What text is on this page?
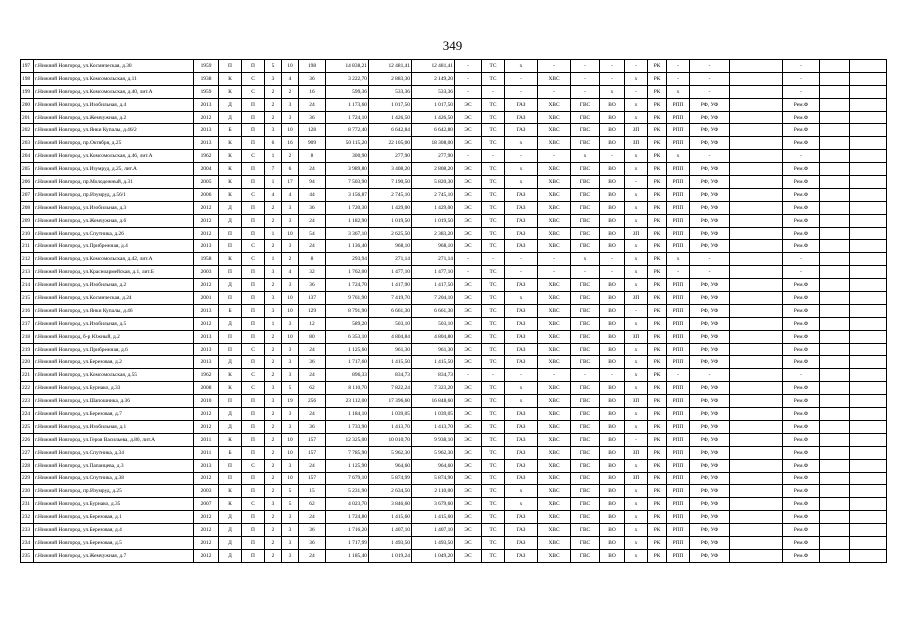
349
197	г.Нижний Новгород, ул.Космическая, д.30	1959	П	П	5	10	198	14 838,21	12 481,41	12 481,41	-	ТС	х	-	-	-	-	РК	-	-		-		
198	г.Нижний Новгород, ул.Комсомольская, д.11	1938	К	С	3	4	36	3 222,70	2 883,30	2 149,20	-	ТС	-	ХВС	-	-	х	РК	-	-		-		
199	г.Нижний Новгород, ул.Комсомольская, д.40, лит.А	1959	К	С	2	2	16	599,36	533,36	533,36	-	-	-	-	-	х	-	РК	х	-		-		
200	г.Нижний Новгород, ул.Изобильная, д.4	2013	Д	П	2	3	24	1 173,60	1 017,50	1 017,50	ЭС	ТС	ГАЗ	ХВС	ГВС	ВО	х	РК	РПП	РФ, УФ		Рем.Ф		
201	г.Нижний Новгород, ул.Жемчужная, д.2	2012	Д	П	2	3	36	1 724,10	1 426,50	1 426,50	ЭС	ТС	ГАЗ	ХВС	ГВС	ВО	х	РК	РПП	РФ, УФ		Рем.Ф		
202	г.Нижний Новгород, ул.Янки Купалы, д.46/2	2013	Б	П	3	10	128	8 772,40	6 642,84	6 642,80	ЭС	ТС	ГАЗ	ХВС	ГВС	ВО	ЗП	РК	РПП	РФ, УФ		Рем.Ф		
203	г.Нижний Новгород, пр.Октября, д.25	2013	К	П	6	16	909	50 115,20	22 105,00	18 308,00	ЭС	ТС	х	ХВС	ГВС	ВО	ЗП	РК	РПП	РФ, УФ		Рем.Ф		
204	г.Нижний Новгород, ул.Комсомольская, д.46, лит.А	1962	К	С	1	2	8	300,90	277,90	277,90	-	-	-	-	х	-	х	РК	х	-		-		
205	г.Нижний Новгород, ул.Изумруд, д.25, лит.А	2004	К	П	7	6	24	3 989,80	3 408,20	2 808,20	ЭС	ТС	х	ХВС	ГВС	ВО	х	РК	РПП	РФ, УФ		Рем.Ф		
206	г.Нижний Новгород, пр.Молодежный, д.31	2005	К	П	1	17	94	7 503,90	7 190,50	5 820,30	ЭС	ТС	х	ХВС	ГВС	ВО	-	РК	РПП	РФ, УФ		Рем.Ф		
207	г.Нижний Новгород, пр.Изумруд, д.56/1	2006	К	С	4	4	44	3 156,87	2 745,10	2 745,10	ЭС	ТС	ГАЗ	ХВС	ГВС	ВО	х	РК	РПП	РФ, УФ		Рем.Ф		
208	г.Нижний Новгород, ул.Изобильная, д.3	2012	Д	П	2	3	36	1 720,30	1 429,00	1 429,00	ЭС	ТС	ГАЗ	ХВС	ГВС	ВО	х	РК	РПП	РФ, УФ		Рем.Ф		
209	г.Нижний Новгород, ул.Жемчужная, д.6	2012	Д	П	2	3	24	1 182,90	1 019,50	1 019,50	ЭС	ТС	ГАЗ	ХВС	ГВС	ВО	х	РК	РПП	РФ, УФ		Рем.Ф		
210	г.Нижний Новгород, ул.Спутника, д.26	2012	П	П	1	10	54	3 367,10	2 625,50	2 383,20	ЭС	ТС	ГАЗ	ХВС	ГВС	ВО	ЗП	РК	РПП	РФ, УФ		Рем.Ф		
211	г.Нижний Новгород, ул.Прибрежная, д.4	2013	П	С	2	3	24	1 136,40	968,10	968,10	ЭС	ТС	ГАЗ	ХВС	ГВС	ВО	х	РК	РПП	РФ, УФ		Рем.Ф		
212	г.Нижний Новгород, ул.Комсомольская, д.42, лит.А	1958	К	С	1	2	8	293,94	271,14	271,14	-	-	-	-	х	-	х	РК	х	-		-		
213	г.Нижний Новгород, ул.Красноармейская, д.1, лит.Б	2003	П	П	3	4	32	1 762,00	1 477,10	1 477,10	-	ТС	-	-	-	-	х	РК	-	-		-		
214	г.Нижний Новгород, ул.Изобильная, д.2	2012	Д	П	2	3	36	1 724,70	1 417,90	1 417,50	ЭС	ТС	ГАЗ	ХВС	ГВС	ВО	х	РК	РПП	РФ, УФ		Рем.Ф		
215	г.Нижний Новгород, ул.Космическая, д.24	2001	П	П	3	10	137	9 761,90	7 419,70	7 204,10	ЭС	ТС	х	ХВС	ГВС	ВО	ЗП	РК	РПП	РФ, УФ		Рем.Ф		
216	г.Нижний Новгород, ул.Янки Купалы, д.46	2013	Б	П	3	10	129	8 791,90	6 661,30	6 661,30	ЭС	ТС	ГАЗ	ХВС	ГВС	ВО	-	РК	РПП	РФ, УФ		Рем.Ф		
217	г.Нижний Новгород, ул.Изобильная, д.5	2012	Д	П	1	3	12	589,20	503,10	503,10	ЭС	ТС	ГАЗ	ХВС	ГВС	ВО	х	РК	РПП	РФ, УФ		Рем.Ф		
218	г.Нижний Новгород, б-р Южный, д.2	2013	П	П	2	10	80	6 353,10	4 804,84	4 804,80	ЭС	ТС	ГАЗ	ХВС	ГВС	ВО	ЗП	РК	РПП	РФ, УФ		Рем.Ф		
219	г.Нижний Новгород, ул.Прибрежная, д.6	2013	П	С	2	3	24	1 125,60	961,30	961,30	ЭС	ТС	ГАЗ	ХВС	ГВС	ВО	х	РК	РПП	РФ, УФ		Рем.Ф		
220	г.Нижний Новгород, ул.Березовая, д.2	2013	Д	П	2	3	36	1 717,60	1 415,50	1 415,50	ЭС	ТС	ГАЗ	ХВС	ГВС	ВО	х	РК	РПП	РФ, УФ		Рем.Ф		
221	г.Нижний Новгород, ул.Комсомольская, д.55	1962	К	С	2	3	24	896,33	834,73	834,73	-	-	-	-	-	-	х	РК	-	-		-		
222	г.Нижний Новгород, ул.Бурнако, д.33	2008	К	С	3	5	62	8 110,70	7 822,24	7 323,20	ЭС	ТС	х	ХВС	ГВС	ВО	х	РК	РПП	РФ, УФ		Рем.Ф		
223	г.Нижний Новгород, ул.Шапошника, д.36	2010	П	П	3	19	256	23 112,00	17 396,60	16 848,60	ЭС	ТС	х	ХВС	ГВС	ВО	ЗП	РК	РПП	РФ, УФ		Рем.Ф		
224	г.Нижний Новгород, ул.Березовая, д.7	2012	Д	П	2	3	24	1 184,10	1 039,05	1 039,05	ЭС	ТС	ГАЗ	ХВС	ГВС	ВО	х	РК	РПП	РФ, УФ		Рем.Ф		
225	г.Нижний Новгород, ул.Изобильная, д.1	2012	Д	П	2	3	36	1 733,90	1 413,70	1 413,70	ЭС	ТС	ГАЗ	ХВС	ГВС	ВО	х	РК	РПП	РФ, УФ		Рем.Ф		
226	г.Нижний Новгород, ул.Героя Васильева, д.80, лит.А	2011	К	П	2	10	157	12 325,00	10 010,70	9 938,10	ЭС	ТС	ГАЗ	ХВС	ГВС	ВО	-	РК	РПП	РФ, УФ		Рем.Ф		
227	г.Нижний Новгород, ул.Спутника, д.34	2011	Б	П	2	10	157	7 785,90	5 962,30	5 962,30	ЭС	ТС	ГАЗ	ХВС	ГВС	ВО	ЗП	РК	РПП	РФ, УФ		Рем.Ф		
228	г.Нижний Новгород, ул.Папанцева, д.3	2013	П	С	2	3	24	1 125,90	964,60	964,60	ЭС	ТС	ГАЗ	ХВС	ГВС	ВО	х	РК	РПП	РФ, УФ		Рем.Ф		
229	г.Нижний Новгород, ул.Спутника, д.38	2012	П	П	2	10	157	7 679,10	5 874,99	5 874,90	ЭС	ТС	ГАЗ	ХВС	ГВС	ВО	ЗП	РК	РПП	РФ, УФ		Рем.Ф		
230	г.Нижний Новгород, пр.Изумруд, д.25	2003	К	П	2	5	15	5 231,90	2 634,50	2 110,00	ЭС	ТС	х	ХВС	ГВС	ВО	х	РК	РПП	РФ, УФ		Рем.Ф		
231	г.Нижний Новгород, ул.Бурнако, д.35	2007	К	С	3	5	62	4 023,70	3 846,60	3 679,60	ЭС	ТС	х	ХВС	ГВС	ВО	х	РК	РПП	РФ, УФ		Рем.Ф		
232	г.Нижний Новгород, ул.Березовая, д.1	2012	Д	П	2	3	24	1 724,80	1 415,60	1 415,60	ЭС	ТС	ГАЗ	ХВС	ГВС	ВО	х	РК	РПП	РФ, УФ		Рем.Ф		
233	г.Нижний Новгород, ул.Березовая, д.4	2012	Д	П	2	3	36	1 716,20	1 407,10	1 407,10	ЭС	ТС	ГАЗ	ХВС	ГВС	ВО	х	РК	РПП	РФ, УФ		Рем.Ф		
234	г.Нижний Новгород, ул.Березовая, д.5	2012	Д	П	2	3	36	1 717,99	1 493,50	1 493,50	ЭС	ТС	ГАЗ	ХВС	ГВС	ВО	х	РК	РПП	РФ, УФ		Рем.Ф		
235	г.Нижний Новгород, ул.Жемчужная, д.7	2012	Д	П	2	3	24	1 185,40	1 019,24	1 049,20	ЭС	ТС	ГАЗ	ХВС	ГВС	ВО	х	РК	РПП	РФ, УФ		Рем.Ф		
